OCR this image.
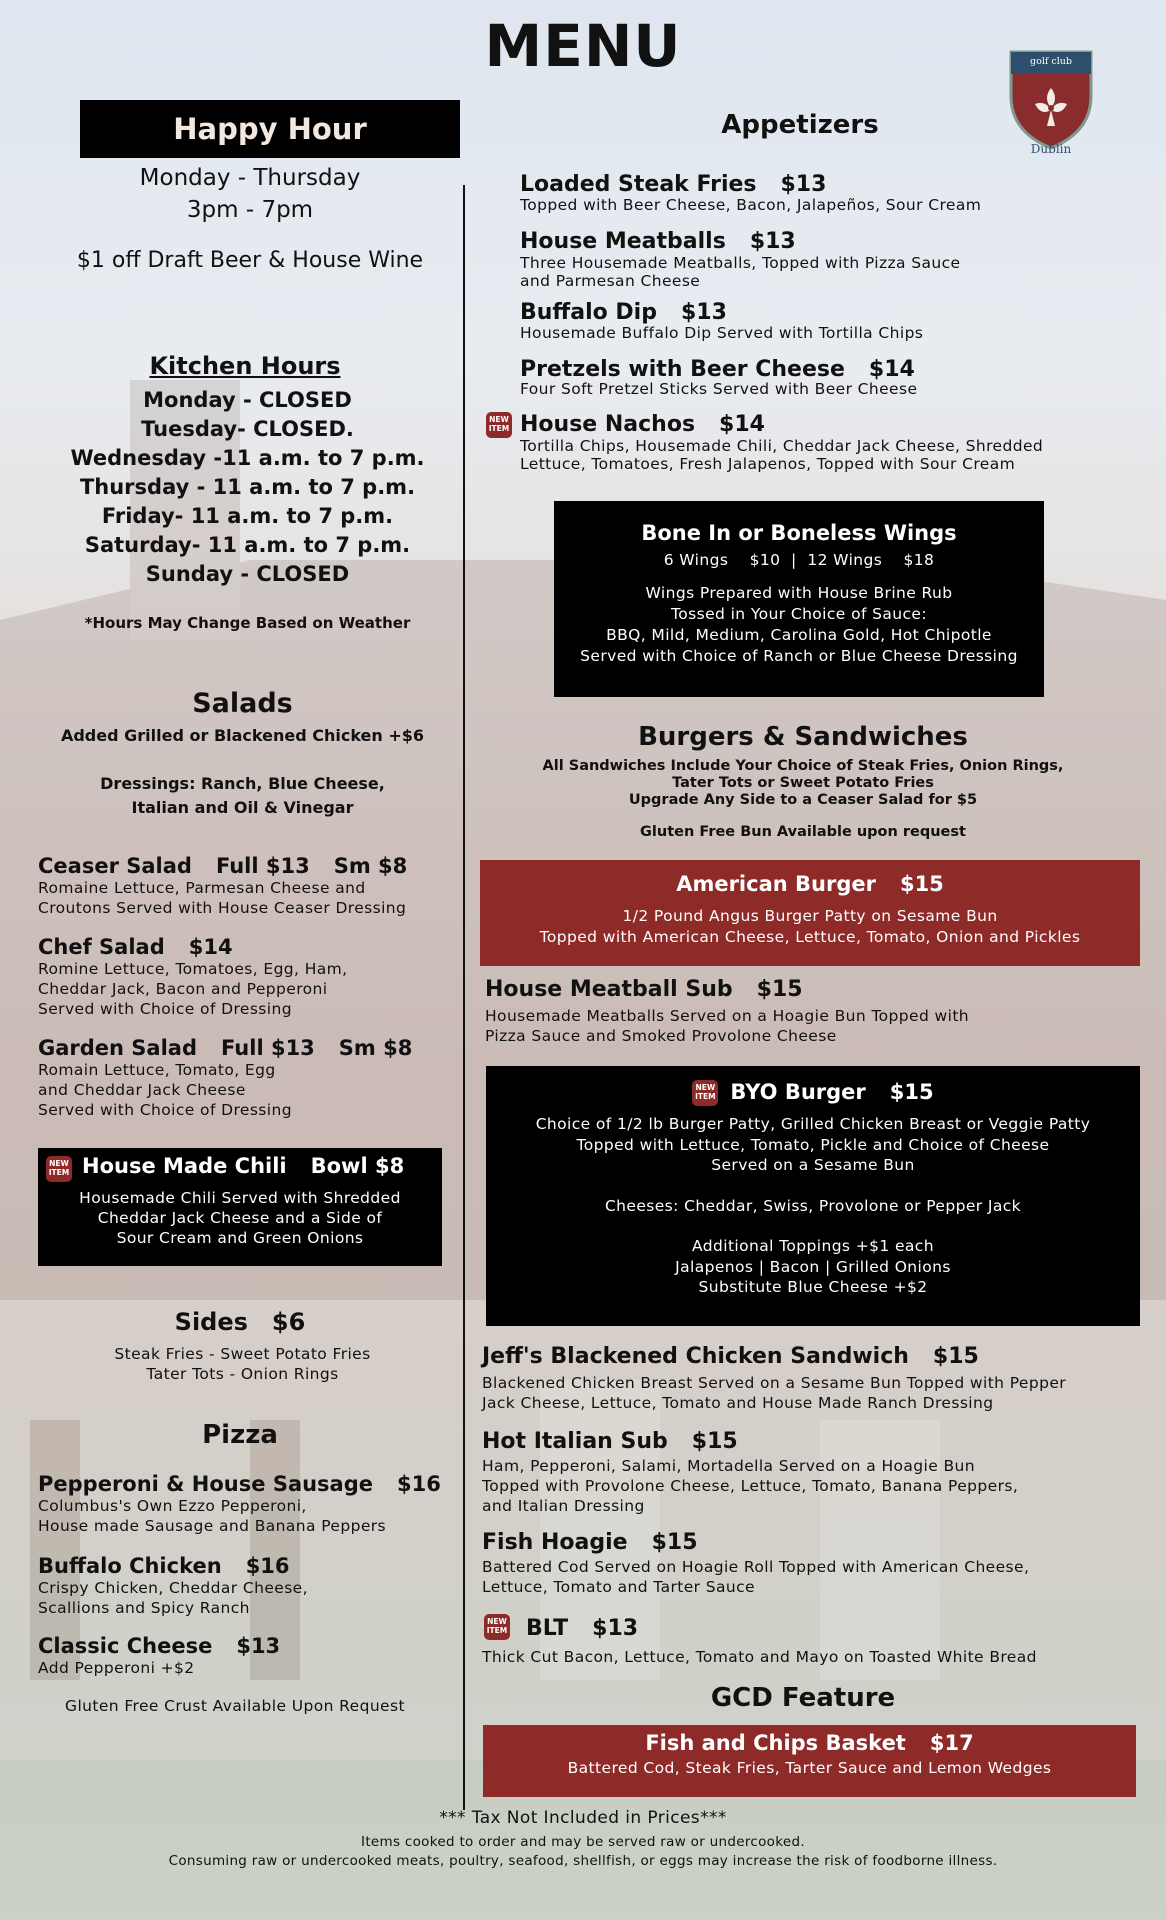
MENU	golf club
Dublin
Happy Hour
Monday - Thursday
3pm - 7pm
$1 off Draft Beer & House Wine
Kitchen Hours
Monday - CLOSED
Tuesday- CLOSED.
Wednesday -11 a.m. to 7 p.m.
Thursday - 11 a.m. to 7 p.m.
Friday- 11 a.m. to 7 p.m.
Saturday- 11 a.m. to 7 p.m.
Sunday - CLOSED
*Hours May Change Based on Weather
Salads
Added Grilled or Blackened Chicken +$6
Dressings: Ranch, Blue Cheese,
Italian and Oil & Vinegar
Ceaser Salad Full $13 Sm $8
Romaine Lettuce, Parmesan Cheese and
Croutons Served with House Ceaser Dressing
Chef Salad $14
Romine Lettuce, Tomatoes, Egg, Ham,
Cheddar Jack, Bacon and Pepperoni
Served with Choice of Dressing
Garden Salad Full $13 Sm $8
Romain Lettuce, Tomato, Egg
and Cheddar Jack Cheese
Served with Choice of Dressing
NEW
ITEM House Made Chili Bowl $8
Housemade Chili Served with Shredded
Cheddar Jack Cheese and a Side of
Sour Cream and Green Onions
Sides $6
Steak Fries - Sweet Potato Fries
Tater Tots - Onion Rings
Pizza
Pepperoni & House Sausage $16
Columbus's Own Ezzo Pepperoni,
House made Sausage and Banana Peppers
Buffalo Chicken $16
Crispy Chicken, Cheddar Cheese,
Scallions and Spicy Ranch
Classic Cheese $13
Add Pepperoni +$2
Gluten Free Crust Available Upon Request
Appetizers
Loaded Steak Fries $13
Topped with Beer Cheese, Bacon, Jalapeños, Sour Cream
House Meatballs $13
Three Housemade Meatballs, Topped with Pizza Sauce
and Parmesan Cheese
Buffalo Dip $13
Housemade Buffalo Dip Served with Tortilla Chips
Pretzels with Beer Cheese $14
Four Soft Pretzel Sticks Served with Beer Cheese
NEW
ITEM House Nachos $14
Tortilla Chips, Housemade Chili, Cheddar Jack Cheese, Shredded
Lettuce, Tomatoes, Fresh Jalapenos, Topped with Sour Cream
Bone In or Boneless Wings
6 Wings    $10  |  12 Wings    $18
Wings Prepared with House Brine Rub
Tossed in Your Choice of Sauce:
BBQ, Mild, Medium, Carolina Gold, Hot Chipotle
Served with Choice of Ranch or Blue Cheese Dressing
Burgers & Sandwiches
All Sandwiches Include Your Choice of Steak Fries, Onion Rings,
Tater Tots or Sweet Potato Fries
Upgrade Any Side to a Ceaser Salad for $5
Gluten Free Bun Available upon request
American Burger $15
1/2 Pound Angus Burger Patty on Sesame Bun
Topped with American Cheese, Lettuce, Tomato, Onion and Pickles
House Meatball Sub $15
Housemade Meatballs Served on a Hoagie Bun Topped with
Pizza Sauce and Smoked Provolone Cheese
NEW
ITEM BYO Burger $15
Choice of 1/2 lb Burger Patty, Grilled Chicken Breast or Veggie Patty
Topped with Lettuce, Tomato, Pickle and Choice of Cheese
Served on a Sesame Bun
Cheeses: Cheddar, Swiss, Provolone or Pepper Jack
Additional Toppings +$1 each
Jalapenos | Bacon | Grilled Onions
Substitute Blue Cheese +$2
Jeff's Blackened Chicken Sandwich $15
Blackened Chicken Breast Served on a Sesame Bun Topped with Pepper
Jack Cheese, Lettuce, Tomato and House Made Ranch Dressing
Hot Italian Sub $15
Ham, Pepperoni, Salami, Mortadella Served on a Hoagie Bun
Topped with Provolone Cheese, Lettuce, Tomato, Banana Peppers,
and Italian Dressing
Fish Hoagie $15
Battered Cod Served on Hoagie Roll Topped with American Cheese,
Lettuce, Tomato and Tarter Sauce
NEW
ITEM BLT $13
Thick Cut Bacon, Lettuce, Tomato and Mayo on Toasted White Bread
GCD Feature
Fish and Chips Basket $17
Battered Cod, Steak Fries, Tarter Sauce and Lemon Wedges
*** Tax Not Included in Prices***
Items cooked to order and may be served raw or undercooked.
Consuming raw or undercooked meats, poultry, seafood, shellfish, or eggs may increase the risk of foodborne illness.
